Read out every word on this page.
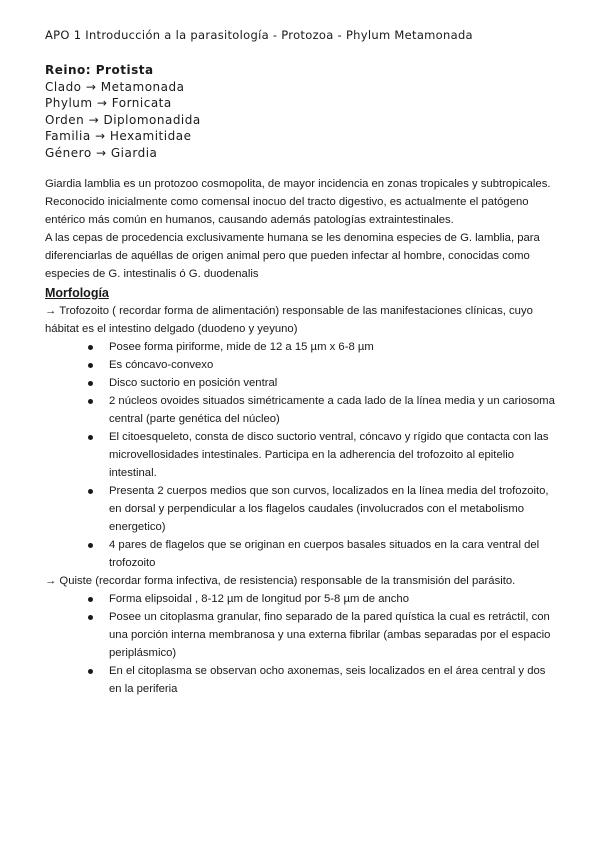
APO 1 Introducción a la parasitología - Protozoa - Phylum Metamonada
Reino: Protista
Clado → Metamonada
Phylum → Fornicata
Orden → Diplomonadida
Familia → Hexamitidae
Género → Giardia

Giardia lamblia es un protozoo cosmopolita, de mayor incidencia en zonas tropicales y subtropicales. Reconocido inicialmente como comensal inocuo del tracto digestivo, es actualmente el patógeno entérico más común en humanos, causando además patologías extraintestinales.

A las cepas de procedencia exclusivamente humana se les denomina especies de G. lamblia, para diferenciarlas de aquéllas de origen animal pero que pueden infectar al hombre, conocidas como especies de G. intestinalis ó G. duodenalis

Morfología

→ Trofozoito ( recordar forma de alimentación) responsable de las manifestaciones clínicas, cuyo hábitat es el intestino delgado (duodeno y yeyuno)

Posee forma piriforme, mide de 12 a 15 µm x 6-8 µm
Es cóncavo-convexo
Disco suctorio en posición ventral
2 núcleos ovoides situados simétricamente a cada lado de la línea media y un cariosoma central (parte genética del núcleo)
El citoesqueleto, consta de disco suctorio ventral, cóncavo y rígido que contacta con las microvellosidades intestinales. Participa en la adherencia del trofozoito al epitelio intestinal.
Presenta 2 cuerpos medios que son curvos, localizados en la línea media del trofozoito, en dorsal y perpendicular a los flagelos caudales (involucrados con el metabolismo energetico)
4 pares de flagelos que se originan en cuerpos basales situados en la cara ventral del trofozoito

→ Quiste (recordar forma infectiva, de resistencia) responsable de la transmisión del parásito.

Forma elipsoidal , 8-12 µm de longitud por 5-8 µm de ancho
Posee un citoplasma granular, fino separado de la pared quística la cual es retráctil, con una porción interna membranosa y una externa fibrilar (ambas separadas por el espacio periplásmico)
En el citoplasma se observan ocho axonemas, seis localizados en el área central y dos en la periferia
